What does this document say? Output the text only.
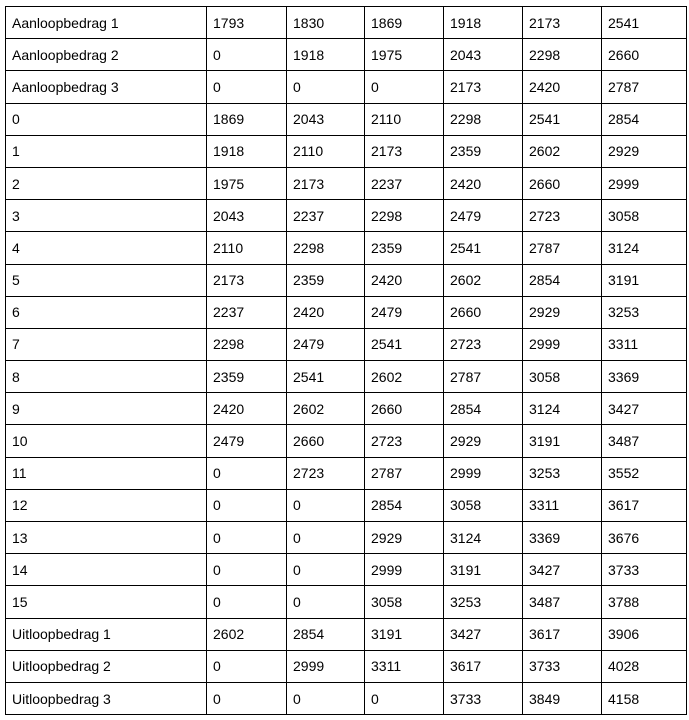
Aanloopbedrag 1	1793	1830	1869	1918	2173	2541
Aanloopbedrag 2	0	1918	1975	2043	2298	2660
Aanloopbedrag 3	0	0	0	2173	2420	2787
0	1869	2043	2110	2298	2541	2854
1	1918	2110	2173	2359	2602	2929
2	1975	2173	2237	2420	2660	2999
3	2043	2237	2298	2479	2723	3058
4	2110	2298	2359	2541	2787	3124
5	2173	2359	2420	2602	2854	3191
6	2237	2420	2479	2660	2929	3253
7	2298	2479	2541	2723	2999	3311
8	2359	2541	2602	2787	3058	3369
9	2420	2602	2660	2854	3124	3427
10	2479	2660	2723	2929	3191	3487
11	0	2723	2787	2999	3253	3552
12	0	0	2854	3058	3311	3617
13	0	0	2929	3124	3369	3676
14	0	0	2999	3191	3427	3733
15	0	0	3058	3253	3487	3788
Uitloopbedrag 1	2602	2854	3191	3427	3617	3906
Uitloopbedrag 2	0	2999	3311	3617	3733	4028
Uitloopbedrag 3	0	0	0	3733	3849	4158
